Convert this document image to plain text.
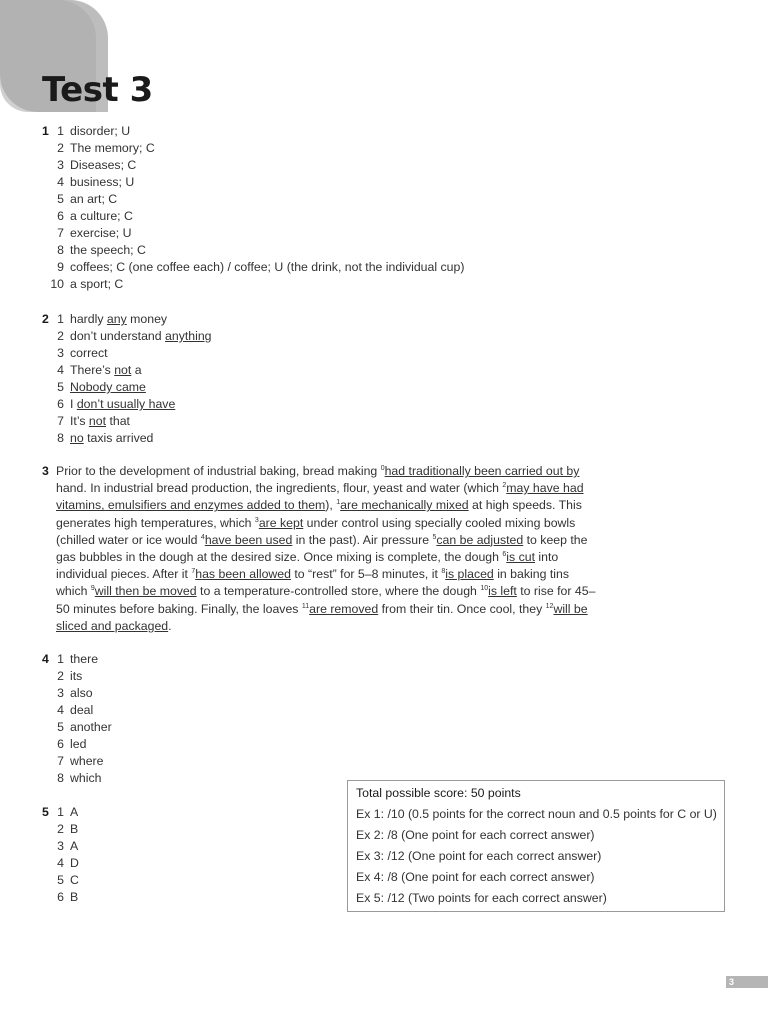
Test 3
1 1 disorder; U
2 The memory; C
3 Diseases; C
4 business; U
5 an art; C
6 a culture; C
7 exercise; U
8 the speech; C
9 coffees; C (one coffee each) / coffee; U (the drink, not the individual cup)
10 a sport; C
2 1 hardly any money
2 don’t understand anything
3 correct
4 There’s not a
5 Nobody came
6 I don’t usually have
7 It’s not that
8 no taxis arrived
3 Prior to the development of industrial baking, bread making $^0$had traditionally been carried out by hand. In industrial bread production, the ingredients, flour, yeast and water (which $^2$may have had vitamins, emulsifiers and enzymes added to them), $^1$are mechanically mixed at high speeds. This generates high temperatures, which $^3$are kept under control using specially cooled mixing bowls (chilled water or ice would $^4$have been used in the past). Air pressure $^5$can be adjusted to keep the gas bubbles in the dough at the desired size. Once mixing is complete, the dough $^6$is cut into individual pieces. After it $^7$has been allowed to “rest” for 5–8 minutes, it $^8$is placed in baking tins which $^9$will then be moved to a temperature-controlled store, where the dough $^{10}$is left to rise for 45–50 minutes before baking. Finally, the loaves $^{11}$are removed from their tin. Once cool, they $^{12}$will be sliced and packaged.
4 1 there
2 its
3 also
4 deal
5 another
6 led
7 where
8 which
5 1 A
2 B
3 A
4 D
5 C
6 B
Total possible score: 50 points
Ex 1: /10 (0.5 points for the correct noun and 0.5 points for C or U)
Ex 2: /8 (One point for each correct answer)
Ex 3: /12 (One point for each correct answer)
Ex 4: /8 (One point for each correct answer)
Ex 5: /12 (Two points for each correct answer)
3
